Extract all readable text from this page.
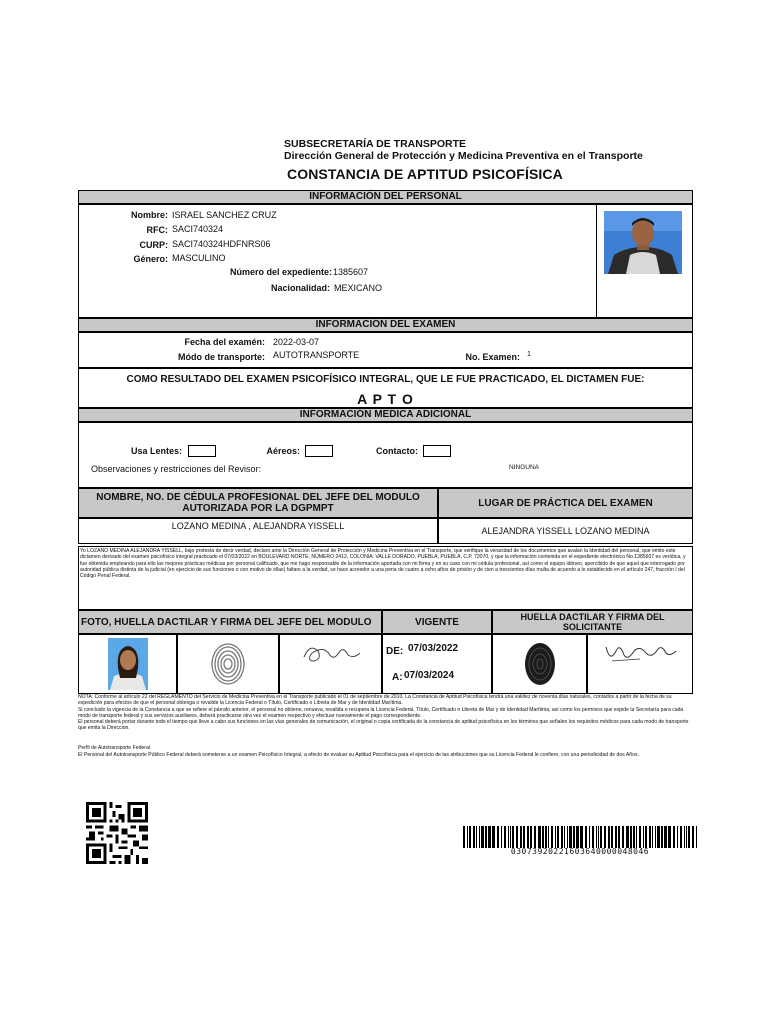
SUBSECRETARÍA DE TRANSPORTE
Dirección General de Protección y Medicina Preventiva en el Transporte
CONSTANCIA DE APTITUD PSICOFÍSICA
INFORMACIÓN DEL PERSONAL
Nombre: ISRAEL SANCHEZ CRUZ
RFC: SACI740324
CURP: SACI740324HDFNRS06
Género: MASCULINO
Número del expediente: 1385607
Nacionalidad: MEXICANO
INFORMACIÓN DEL EXAMEN
Fecha del examén: 2022-03-07
Módo de transporte: AUTOTRANSPORTE	No. Examen: 1
COMO RESULTADO DEL EXAMEN PSICOFÍSICO INTEGRAL, QUE LE FUE PRACTICADO, EL DICTAMEN FUE:
A P T O
INFORMACIÓN MÉDICA ADICIONAL
Usa Lentes:	Aéreos:	Contacto:
Observaciones y restricciones del Revisor:	NINGUNA
NOMBRE, NO. DE CÉDULA PROFESIONAL DEL JEFE DEL MODULO AUTORIZADA POR LA DGPMPT	LUGAR DE PRÁCTICA DEL EXAMEN
LOZANO MEDINA , ALEJANDRA YISSELL	ALEJANDRA YISSELL LOZANO MEDINA
Yo LOZANO MEDINA ALEJANDRA YISSELL, bajo protesta de decir verdad, declaro ante la Dirección General de Protección y Medicina Preventiva en el Transporte, que verifique la veracidad de los documentos que avalan la identidad del personal, que emito este dictamen derivado del examen psicofísico integral practicado el 07/03/2022 en BOULEVARD NORTE, NÚMERO 2412, COLONIA: VALLE DORADO, PUEBLA, PUEBLA, C.P. 72070, y que la información contenida en el expediente electrónico No.1385607 es verídica, y fue obtenida empleando para ello las mejores prácticas médicas por personal calificado, que me hago responsable de la información aportada con mi firma y en su caso con mi cédula profesional, así como el equipo idóneo, apercibido de que aquel que interrogado por autoridad pública distinta de la judicial (en ejercicio de sus funciones o con motivo de ellas) faltare a la verdad, se hace acreedor a una pena de cuatro a ocho años de prisión y de cien a trescientos días multa de acuerdo a lo establecido en el artículo 247, fracción I del Código Penal Federal.
FOTO, HUELLA DACTILAR Y FIRMA DEL JEFE DEL MODULO	VIGENTE	HUELLA DACTILAR Y FIRMA DEL SOLICITANTE
DE: 07/03/2022
A: 07/03/2024
NOTA: Conforme al artículo 22 del REGLAMENTO del Servicio de Medicina Preventiva en el Transporte publicado el 01 de septiembre de 2010, La Constancia de Aptitud Psicofísica tendrá una validez de noventa días naturales, contados a partir de la fecha de su expedición para efectos de que el personal obtenga o revalide la Licencia Federal o Título, Certificado o Libreta de Mar y de Identidad Marítima.
Si concluido la vigencia de la Constancia a que se refiere el párrafo anterior, el personal no obtiene, renueva, revalida o recupera la Licencia Federal, Título, Certificado o Libreta de Mar y de Identidad Marítima, así como los permisos que expide la Secretaría para cada modo de transporte federal y sus servicios auxiliares, deberá practicarse otra vez el examen respectivo y efectuar nuevamente el pago correspondiente.
El personal deberá portar durante todo el tiempo que lleve a cabo sus funciones en las vías generales de comunicación, el original o copia certificada de la constancia de aptitud psicofísica en los términos que señalen los requisitos médicos para cada modo de transporte que emita la Direccion.
Perfil de Autotransporte Federal
El Personal del Autotransporte Público Federal deberá someterse a un examen Psicofísico Integral, a efecto de evaluar su Aptitud Psicofísica para el ejercicio de las atribuciones que su Licencia Federal le confiere, con una periodicidad de dos Años.
03073920221603640000048046
